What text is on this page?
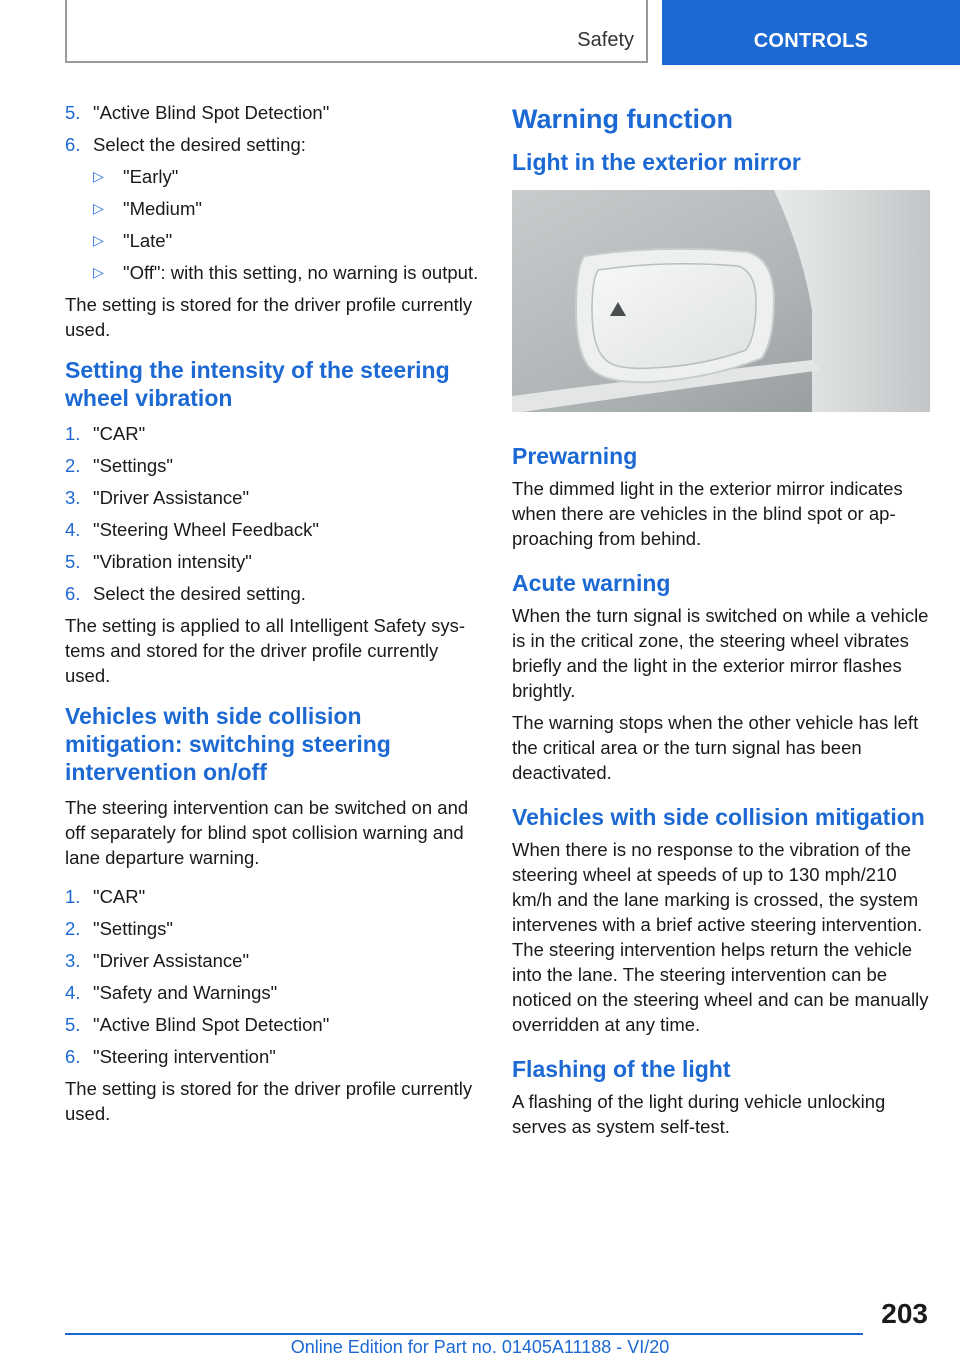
Safety	CONTROLS
5. "Active Blind Spot Detection"
6. Select the desired setting:
▷ "Early"
▷ "Medium"
▷ "Late"
▷ "Off": with this setting, no warning is output.

The setting is stored for the driver profile currently used.

Setting the intensity of the steering wheel vibration
1. "CAR"
2. "Settings"
3. "Driver Assistance"
4. "Steering Wheel Feedback"
5. "Vibration intensity"
6. Select the desired setting.

The setting is applied to all Intelligent Safety systems and stored for the driver profile currently used.

Vehicles with side collision mitigation: switching steering intervention on/off

The steering intervention can be switched on and off separately for blind spot collision warning and lane departure warning.

1. "CAR"
2. "Settings"
3. "Driver Assistance"
4. "Safety and Warnings"
5. "Active Blind Spot Detection"
6. "Steering intervention"

The setting is stored for the driver profile currently used.

Warning function
Light in the exterior mirror
Prewarning

The dimmed light in the exterior mirror indicates when there are vehicles in the blind spot or approaching from behind.

Acute warning

When the turn signal is switched on while a vehicle is in the critical zone, the steering wheel vibrates briefly and the light in the exterior mirror flashes brightly.

The warning stops when the other vehicle has left the critical area or the turn signal has been deactivated.

Vehicles with side collision mitigation

When there is no response to the vibration of the steering wheel at speeds of up to 130 mph/210 km/h and the lane marking is crossed, the system intervenes with a brief active steering intervention. The steering intervention helps return the vehicle into the lane. The steering intervention can be noticed on the steering wheel and can be manually overridden at any time.

Flashing of the light

A flashing of the light during vehicle unlocking serves as system self-test.

203
Online Edition for Part no. 01405A11188 - VI/20
